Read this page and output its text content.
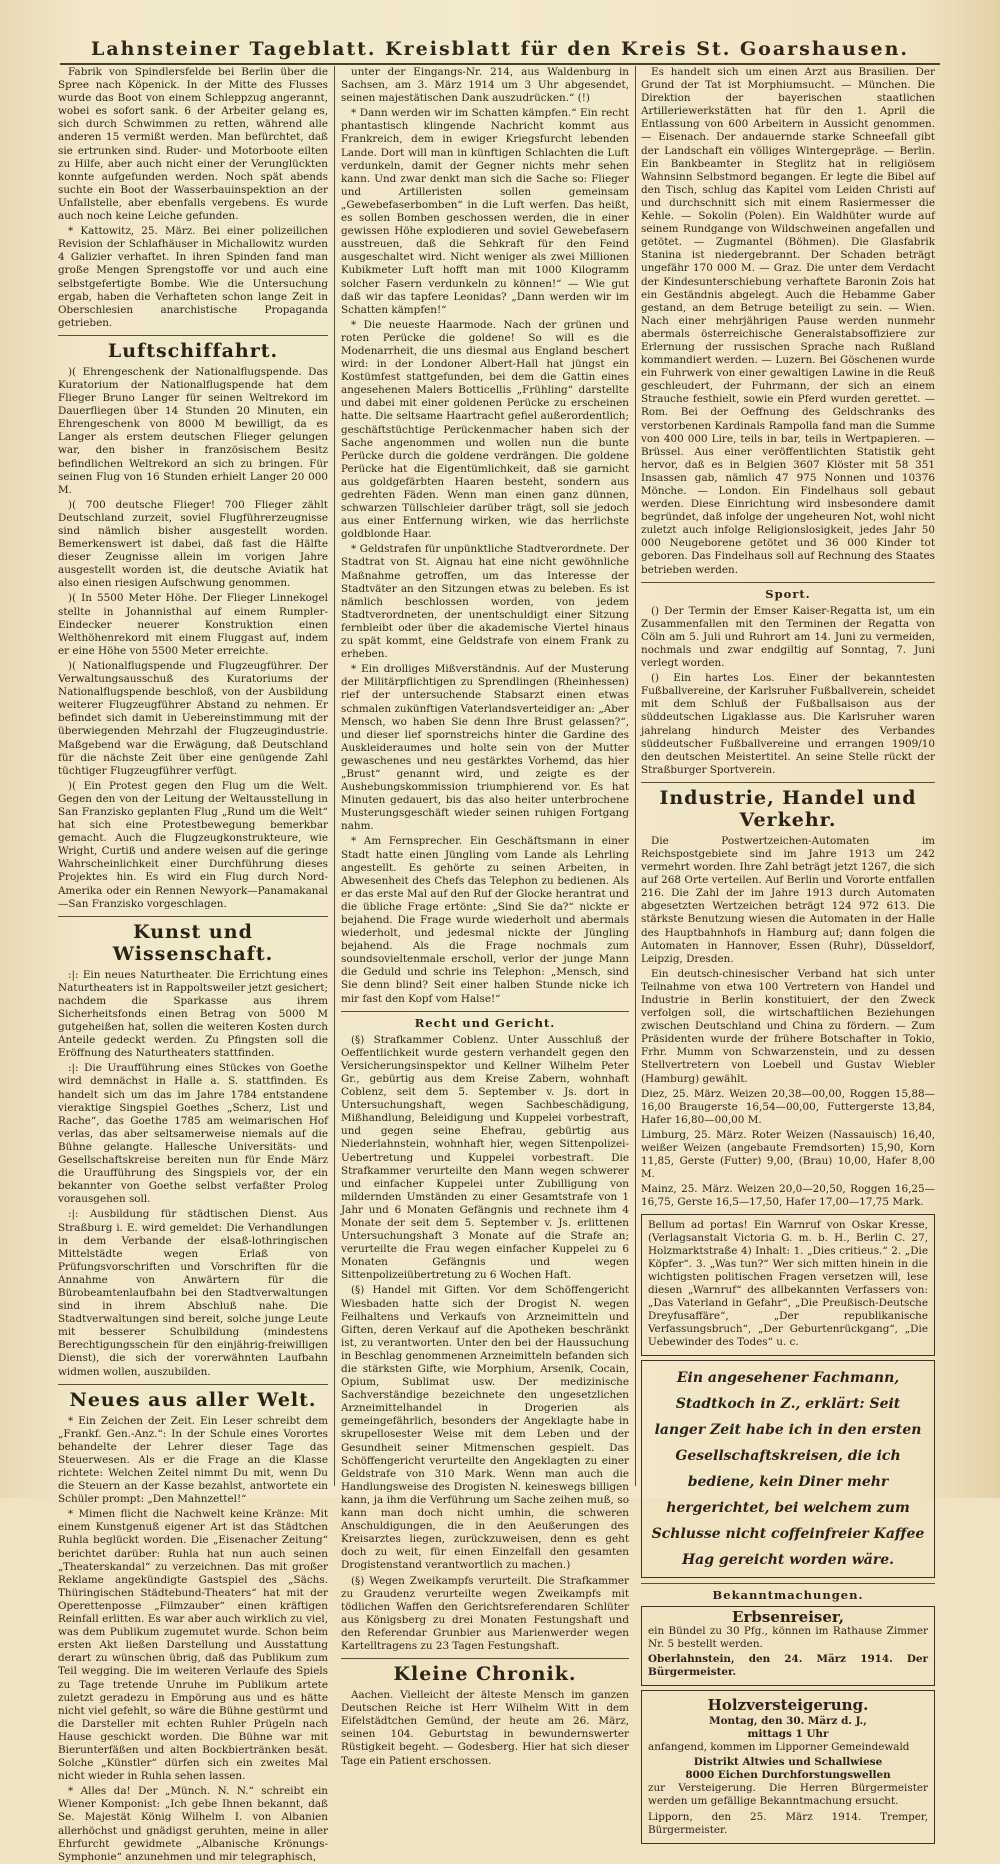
Lahnsteiner Tageblatt. Kreisblatt für den Kreis St. Goarshausen.

Fabrik von Spindlersfelde bei Berlin über die Spree nach Köpenick. In der Mitte des Flusses wurde das Boot von einem Schleppzug angerannt, wobei es sofort sank. 6 der Arbeiter gelang es, sich durch Schwimmen zu retten, während alle anderen 15 vermißt werden. Man befürchtet, daß sie ertrunken sind. Ruder- und Motorboote eilten zu Hilfe, aber auch nicht einer der Verunglückten konnte aufgefunden werden. Noch spät abends suchte ein Boot der Wasserbauinspektion an der Unfallstelle, aber ebenfalls vergebens. Es wurde auch noch keine Leiche gefunden.

* Kattowitz, 25. März. Bei einer polizeilichen Revision der Schlafhäuser in Michallowitz wurden 4 Galizier verhaftet. In ihren Spinden fand man große Mengen Sprengstoffe vor und auch eine selbstgefertigte Bombe. Wie die Untersuchung ergab, haben die Verhafteten schon lange Zeit in Oberschlesien anarchistische Propaganda getrieben.

Luftschiffahrt.

)( Ehrengeschenk der Nationalflugspende. Das Kuratorium der Nationalflugspende hat dem Flieger Bruno Langer für seinen Weltrekord im Dauerfliegen über 14 Stunden 20 Minuten, ein Ehrengeschenk von 8000 M bewilligt, da es Langer als erstem deutschen Flieger gelungen war, den bisher in französischem Besitz befindlichen Weltrekord an sich zu bringen. Für seinen Flug von 16 Stunden erhielt Langer 20 000 M.

)( 700 deutsche Flieger! 700 Flieger zählt Deutschland zurzeit, soviel Flugführerzeugnisse sind nämlich bisher ausgestellt worden. Bemerkenswert ist dabei, daß fast die Hälfte dieser Zeugnisse allein im vorigen Jahre ausgestellt worden ist, die deutsche Aviatik hat also einen riesigen Aufschwung genommen.

)( In 5500 Meter Höhe. Der Flieger Linnekogel stellte in Johannisthal auf einem Rumpler-Eindecker neuerer Konstruktion einen Welthöhenrekord mit einem Fluggast auf, indem er eine Höhe von 5500 Meter erreichte.

)( Nationalflugspende und Flugzeugführer. Der Verwaltungsausschuß des Kuratoriums der Nationalflugspende beschloß, von der Ausbildung weiterer Flugzeugführer Abstand zu nehmen. Er befindet sich damit in Uebereinstimmung mit der überwiegenden Mehrzahl der Flugzeugindustrie. Maßgebend war die Erwägung, daß Deutschland für die nächste Zeit über eine genügende Zahl tüchtiger Flugzeugführer verfügt.

)( Ein Protest gegen den Flug um die Welt. Gegen den von der Leitung der Weltausstellung in San Franzisko geplanten Flug „Rund um die Welt“ hat sich eine Protestbewegung bemerkbar gemacht. Auch die Flugzeugkonstrukteure, wie Wright, Curtiß und andere weisen auf die geringe Wahrscheinlichkeit einer Durchführung dieses Projektes hin. Es wird ein Flug durch Nord-Amerika oder ein Rennen Newyork—Panamakanal—San Franzisko vorgeschlagen.

Kunst und Wissenschaft.

:|: Ein neues Naturtheater. Die Errichtung eines Naturtheaters ist in Rappoltsweiler jetzt gesichert; nachdem die Sparkasse aus ihrem Sicherheitsfonds einen Betrag von 5000 M gutgeheißen hat, sollen die weiteren Kosten durch Anteile gedeckt werden. Zu Pfingsten soll die Eröffnung des Naturtheaters stattfinden.

:|: Die Uraufführung eines Stückes von Goethe wird demnächst in Halle a. S. stattfinden. Es handelt sich um das im Jahre 1784 entstandene vieraktige Singspiel Goethes „Scherz, List und Rache“, das Goethe 1785 am weimarischen Hof verlas, das aber seltsamerweise niemals auf die Bühne gelangte. Hallesche Universitäts- und Gesellschaftskreise bereiten nun für Ende März die Uraufführung des Singspiels vor, der ein bekannter von Goethe selbst verfaßter Prolog vorausgehen soll.

:|: Ausbildung für städtischen Dienst. Aus Straßburg i. E. wird gemeldet: Die Verhandlungen in dem Verbande der elsaß-lothringischen Mittelstädte wegen Erlaß von Prüfungsvorschriften und Vorschriften für die Annahme von Anwärtern für die Bürobeamtenlaufbahn bei den Stadtverwaltungen sind in ihrem Abschluß nahe. Die Stadtverwaltungen sind bereit, solche junge Leute mit besserer Schulbildung (mindestens Berechtigungsschein für den einjährig-freiwilligen Dienst), die sich der vorerwähnten Laufbahn widmen wollen, auszubilden.

Neues aus aller Welt.

* Ein Zeichen der Zeit. Ein Leser schreibt dem „Frankf. Gen.-Anz.“: In der Schule eines Vorortes behandelte der Lehrer dieser Tage das Steuerwesen. Als er die Frage an die Klasse richtete: Welchen Zeitel nimmt Du mit, wenn Du die Steuern an der Kasse bezahlst, antwortete ein Schüler prompt: „Den Mahnzettel!“

* Mimen flicht die Nachwelt keine Kränze: Mit einem Kunstgenuß eigener Art ist das Städtchen Ruhla beglückt worden. Die „Eisenacher Zeitung“ berichtet darüber: Ruhla hat nun auch seinen „Theaterskandal“ zu verzeichnen. Das mit großer Reklame angekündigte Gastspiel des „Sächs. Thüringischen Städtebund-Theaters“ hat mit der Operettenposse „Filmzauber“ einen kräftigen Reinfall erlitten. Es war aber auch wirklich zu viel, was dem Publikum zugemutet wurde. Schon beim ersten Akt ließen Darstellung und Ausstattung derart zu wünschen übrig, daß das Publikum zum Teil wegging. Die im weiteren Verlaufe des Spiels zu Tage tretende Unruhe im Publikum artete zuletzt geradezu in Empörung aus und es hätte nicht viel gefehlt, so wäre die Bühne gestürmt und die Darsteller mit echten Ruhler Prügeln nach Hause geschickt worden. Die Bühne war mit Bierunterfäßen und alten Bockbiertränken besät. Solche „Künstler“ dürfen sich ein zweites Mal nicht wieder in Ruhla sehen lassen.

* Alles da! Der „Münch. N. N.“ schreibt ein Wiener Komponist: „Ich gebe Ihnen bekannt, daß Se. Majestät König Wilhelm I. von Albanien allerhöchst und gnädigst geruhten, meine in aller Ehrfurcht gewidmete „Albanische Krönungs-Symphonie“ anzunehmen und mir telegraphisch,

unter der Eingangs-Nr. 214, aus Waldenburg in Sachsen, am 3. März 1914 um 3 Uhr abgesendet, seinen majestätischen Dank auszudrücken.“ (!)

* Dann werden wir im Schatten kämpfen.“ Ein recht phantastisch klingende Nachricht kommt aus Frankreich, dem in ewiger Kriegsfurcht lebenden Lande. Dort will man in künftigen Schlachten die Luft verdunkeln, damit der Gegner nichts mehr sehen kann. Und zwar denkt man sich die Sache so: Flieger und Artilleristen sollen gemeinsam „Gewebefaserbomben“ in die Luft werfen. Das heißt, es sollen Bomben geschossen werden, die in einer gewissen Höhe explodieren und soviel Gewebefasern ausstreuen, daß die Sehkraft für den Feind ausgeschaltet wird. Nicht weniger als zwei Millionen Kubikmeter Luft hofft man mit 1000 Kilogramm solcher Fasern verdunkeln zu können!“ — Wie gut daß wir das tapfere Leonidas? „Dann werden wir im Schatten kämpfen!“

* Die neueste Haarmode. Nach der grünen und roten Perücke die goldene! So will es die Modenarrheit, die uns diesmal aus England beschert wird: in der Londoner Albert-Hall hat jüngst ein Kostümfest stattgefunden, bei dem die Gattin eines angesehenen Malers Botticellis „Frühling“ darstellte und dabei mit einer goldenen Perücke zu erscheinen hatte. Die seltsame Haartracht gefiel außerordentlich; geschäftstüchtige Perückenmacher haben sich der Sache angenommen und wollen nun die bunte Perücke durch die goldene verdrängen. Die goldene Perücke hat die Eigentümlichkeit, daß sie garnicht aus goldgefärbten Haaren besteht, sondern aus gedrehten Fäden. Wenn man einen ganz dünnen, schwarzen Tüllschleier darüber trägt, soll sie jedoch aus einer Entfernung wirken, wie das herrlichste goldblonde Haar.

* Geldstrafen für unpünktliche Stadtverordnete. Der Stadtrat von St. Aignau hat eine nicht gewöhnliche Maßnahme getroffen, um das Interesse der Stadtväter an den Sitzungen etwas zu beleben. Es ist nämlich beschlossen worden, von jedem Stadtverordneten, der unentschuldigt einer Sitzung fernbleibt oder über die akademische Viertel hinaus zu spät kommt, eine Geldstrafe von einem Frank zu erheben.

* Ein drolliges Mißverständnis. Auf der Musterung der Militärpflichtigen zu Sprendlingen (Rheinhessen) rief der untersuchende Stabsarzt einen etwas schmalen zukünftigen Vaterlandsverteidiger an: „Aber Mensch, wo haben Sie denn Ihre Brust gelassen?“, und dieser lief spornstreichs hinter die Gardine des Auskleideraumes und holte sein von der Mutter gewaschenes und neu gestärktes Vorhemd, das hier „Brust“ genannt wird, und zeigte es der Aushebungskommission triumphierend vor. Es hat Minuten gedauert, bis das also heiter unterbrochene Musterungsgeschäft wieder seinen ruhigen Fortgang nahm.

* Am Fernsprecher. Ein Geschäftsmann in einer Stadt hatte einen Jüngling vom Lande als Lehrling angestellt. Es gehörte zu seinen Arbeiten, in Abwesenheit des Chefs das Telephon zu bedienen. Als er das erste Mal auf den Ruf der Glocke herantrat und die übliche Frage ertönte: „Sind Sie da?“ nickte er bejahend. Die Frage wurde wiederholt und abermals wiederholt, und jedesmal nickte der Jüngling bejahend. Als die Frage nochmals zum soundsovieltenmale erscholl, verlor der junge Mann die Geduld und schrie ins Telephon: „Mensch, sind Sie denn blind? Seit einer halben Stunde nicke ich mir fast den Kopf vom Halse!“

Recht und Gericht.

(§) Strafkammer Coblenz. Unter Ausschluß der Oeffentlichkeit wurde gestern verhandelt gegen den Versicherungsinspektor und Kellner Wilhelm Peter Gr., gebürtig aus dem Kreise Zabern, wohnhaft Coblenz, seit dem 5. September v. Js. dort in Untersuchungshaft, wegen Sachbeschädigung, Mißhandlung, Beleidigung und Kuppelei vorbestraft, und gegen seine Ehefrau, gebürtig aus Niederlahnstein, wohnhaft hier, wegen Sittenpolizei-Uebertretung und Kuppelei vorbestraft. Die Strafkammer verurteilte den Mann wegen schwerer und einfacher Kuppelei unter Zubilligung von mildernden Umständen zu einer Gesamtstrafe von 1 Jahr und 6 Monaten Gefängnis und rechnete ihm 4 Monate der seit dem 5. September v. Js. erlittenen Untersuchungshaft 3 Monate auf die Strafe an; verurteilte die Frau wegen einfacher Kuppelei zu 6 Monaten Gefängnis und wegen Sittenpolizeiübertretung zu 6 Wochen Haft.

(§) Handel mit Giften. Vor dem Schöffengericht Wiesbaden hatte sich der Drogist N. wegen Feilhaltens und Verkaufs von Arzneimitteln und Giften, deren Verkauf auf die Apotheken beschränkt ist, zu verantworten. Unter den bei der Haussuchung in Beschlag genommenen Arzneimitteln befanden sich die stärksten Gifte, wie Morphium, Arsenik, Cocain, Opium, Sublimat usw. Der medizinische Sachverständige bezeichnete den ungesetzlichen Arzneimittelhandel in Drogerien als gemeingefährlich, besonders der Angeklagte habe in skrupellosester Weise mit dem Leben und der Gesundheit seiner Mitmenschen gespielt. Das Schöffengericht verurteilte den Angeklagten zu einer Geldstrafe von 310 Mark. Wenn man auch die Handlungsweise des Drogisten N. keineswegs billigen kann, ja ihm die Verführung um Sache zeihen muß, so kann man doch nicht umhin, die schweren Anschuldigungen, die in den Aeußerungen des Kreisarztes liegen, zurückzuweisen, denn es geht doch zu weit, für einen Einzelfall den gesamten Drogistenstand verantwortlich zu machen.)

(§) Wegen Zweikampfs verurteilt. Die Strafkammer zu Graudenz verurteilte wegen Zweikampfs mit tödlichen Waffen den Gerichtsreferendaren Schlüter aus Königsberg zu drei Monaten Festungshaft und den Referendar Grunbier aus Marienwerder wegen Kartelltragens zu 23 Tagen Festungshaft.

Kleine Chronik.

Aachen. Vielleicht der älteste Mensch im ganzen Deutschen Reiche ist Herr Wilhelm Witt in dem Eifelstädtchen Gemünd, der heute am 26. März, seinen 104. Geburtstag in bewundernswerter Rüstigkeit begeht. — Godesberg. Hier hat sich dieser Tage ein Patient erschossen.

Es handelt sich um einen Arzt aus Brasilien. Der Grund der Tat ist Morphiumsucht. — München. Die Direktion der bayerischen staatlichen Artilleriewerkstätten hat für den 1. April die Entlassung von 600 Arbeitern in Aussicht genommen. — Eisenach. Der andauernde starke Schneefall gibt der Landschaft ein völliges Wintergepräge. — Berlin. Ein Bankbeamter in Steglitz hat in religiösem Wahnsinn Selbstmord begangen. Er legte die Bibel auf den Tisch, schlug das Kapitel vom Leiden Christi auf und durchschnitt sich mit einem Rasiermesser die Kehle. — Sokolin (Polen). Ein Waldhüter wurde auf seinem Rundgange von Wildschweinen angefallen und getötet. — Zugmantel (Böhmen). Die Glasfabrik Stanina ist niedergebrannt. Der Schaden beträgt ungefähr 170 000 M. — Graz. Die unter dem Verdacht der Kindesunterschiebung verhaftete Baronin Zois hat ein Geständnis abgelegt. Auch die Hebamme Gaber gestand, an dem Betruge beteiligt zu sein. — Wien. Nach einer mehrjährigen Pause werden nunmehr abermals österreichische Generalstabsoffiziere zur Erlernung der russischen Sprache nach Rußland kommandiert werden. — Luzern. Bei Göschenen wurde ein Fuhrwerk von einer gewaltigen Lawine in die Reuß geschleudert, der Fuhrmann, der sich an einem Strauche festhielt, sowie ein Pferd wurden gerettet. — Rom. Bei der Oeffnung des Geldschranks des verstorbenen Kardinals Rampolla fand man die Summe von 400 000 Lire, teils in bar, teils in Wertpapieren. — Brüssel. Aus einer veröffentlichten Statistik geht hervor, daß es in Belgien 3607 Klöster mit 58 351 Insassen gab, nämlich 47 975 Nonnen und 10376 Mönche. — London. Ein Findelhaus soll gebaut werden. Diese Einrichtung wird insbesondere damit begründet, daß infolge der ungeheuren Not, wohl nicht zuletzt auch infolge Religionslosigkeit, jedes Jahr 50 000 Neugeborene getötet und 36 000 Kinder tot geboren. Das Findelhaus soll auf Rechnung des Staates betrieben werden.

Sport.

() Der Termin der Emser Kaiser-Regatta ist, um ein Zusammenfallen mit den Terminen der Regatta von Cöln am 5. Juli und Ruhrort am 14. Juni zu vermeiden, nochmals und zwar endgiltig auf Sonntag, 7. Juni verlegt worden.

() Ein hartes Los. Einer der bekanntesten Fußballvereine, der Karlsruher Fußballverein, scheidet mit dem Schluß der Fußballsaison aus der süddeutschen Ligaklasse aus. Die Karlsruher waren jahrelang hindurch Meister des Verbandes süddeutscher Fußballvereine und errangen 1909/10 den deutschen Meistertitel. An seine Stelle rückt der Straßburger Sportverein.

Industrie, Handel und Verkehr.

Die Postwertzeichen-Automaten im Reichspostgebiete sind im Jahre 1913 um 242 vermehrt worden. Ihre Zahl beträgt jetzt 1267, die sich auf 268 Orte verteilen. Auf Berlin und Vororte entfallen 216. Die Zahl der im Jahre 1913 durch Automaten abgesetzten Wertzeichen beträgt 124 972 613. Die stärkste Benutzung wiesen die Automaten in der Halle des Hauptbahnhofs in Hamburg auf; dann folgen die Automaten in Hannover, Essen (Ruhr), Düsseldorf, Leipzig, Dresden.

Ein deutsch-chinesischer Verband hat sich unter Teilnahme von etwa 100 Vertretern von Handel und Industrie in Berlin konstituiert, der den Zweck verfolgen soll, die wirtschaftlichen Beziehungen zwischen Deutschland und China zu fördern. — Zum Präsidenten wurde der frühere Botschafter in Tokio, Frhr. Mumm von Schwarzenstein, und zu dessen Stellvertretern von Loebell und Gustav Wiebler (Hamburg) gewählt.

Diez, 25. März. Weizen 20,38—00,00, Roggen 15,88—16,00 Braugerste 16,54—00,00, Futtergerste 13,84, Hafer 16,80—00,00 M.

Limburg, 25. März. Roter Weizen (Nassauisch) 16,40, weißer Weizen (angebaute Fremdsorten) 15,90, Korn 11,85, Gerste (Futter) 9,00, (Brau) 10,00, Hafer 8,00 M.

Mainz, 25. März. Weizen 20,0—20,50, Roggen 16,25—16,75, Gerste 16,5—17,50, Hafer 17,00—17,75 Mark.

Bellum ad portas! Ein Warnruf von Oskar Kresse, (Verlagsanstalt Victoria G. m. b. H., Berlin C. 27, Holzmarktstraße 4) Inhalt: 1. „Dies critieus.“ 2. „Die Köpfer“. 3. „Was tun?“ Wer sich mitten hinein in die wichtigsten politischen Fragen versetzen will, lese diesen „Warnruf“ des allbekannten Verfassers von: „Das Vaterland in Gefahr“, „Die Preußisch-Deutsche Dreyfusaffäre“, „Der republikanische Verfassungsbruch“, „Der Geburtenrückgang“, „Die Uebewinder des Todes“ u. c.

Ein angesehener Fachmann, Stadtkoch in Z., erklärt: Seit langer Zeit habe ich in den ersten Gesellschaftskreisen, die ich bediene, kein Diner mehr hergerichtet, bei welchem zum Schlusse nicht coffeinfreier Kaffee Hag gereicht worden wäre.
Bekanntmachungen.
Erbsenreiser,

ein Bündel zu 30 Pfg., können im Rathause Zimmer Nr. 5 bestellt werden.

Oberlahnstein, den 24. März 1914. Der Bürgermeister.

Holzversteigerung.
Montag, den 30. März d. J.,
mittags 1 Uhr

anfangend, kommen im Lipporner Gemeindewald

Distrikt Altwies und Schallwiese
8000 Eichen Durchforstungswellen

zur Versteigerung. Die Herren Bürgermeister werden um gefällige Bekanntmachung ersucht.

Lipporn, den 25. März 1914. Tremper, Bürgermeister.
